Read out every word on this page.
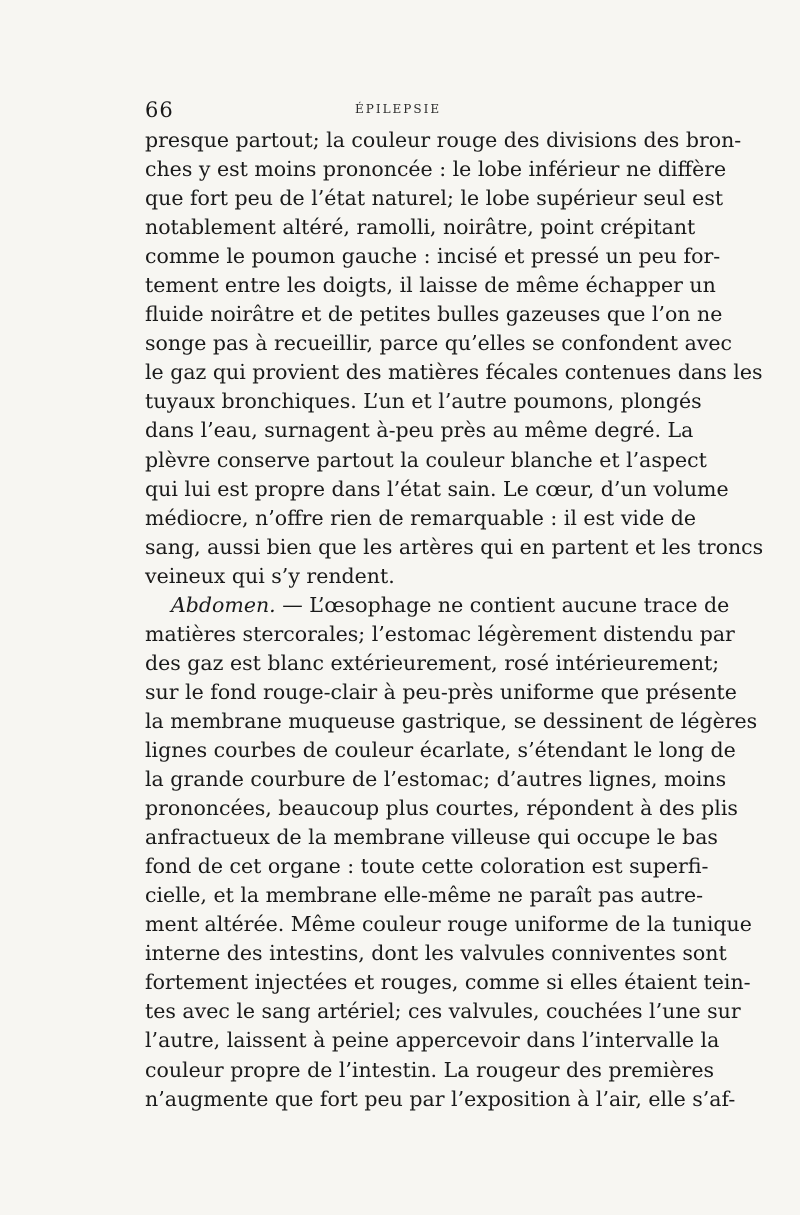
66	ÉPILEPSIE
presque partout; la couleur rouge des divisions des bron-
ches y est moins prononcée : le lobe inférieur ne diffère
que fort peu de l’état naturel; le lobe supérieur seul est
notablement altéré, ramolli, noirâtre, point crépitant
comme le poumon gauche : incisé et pressé un peu for-
tement entre les doigts, il laisse de même échapper un
fluide noirâtre et de petites bulles gazeuses que l’on ne
songe pas à recueillir, parce qu’elles se confondent avec
le gaz qui provient des matières fécales contenues dans les
tuyaux bronchiques. L’un et l’autre poumons, plongés
dans l’eau, surnagent à-peu près au même degré. La
plèvre conserve partout la couleur blanche et l’aspect
qui lui est propre dans l’état sain. Le cœur, d’un volume
médiocre, n’offre rien de remarquable : il est vide de
sang, aussi bien que les artères qui en partent et les troncs
veineux qui s’y rendent.
Abdomen. — L’œsophage ne contient aucune trace de
matières stercorales; l’estomac légèrement distendu par
des gaz est blanc extérieurement, rosé intérieurement;
sur le fond rouge-clair à peu-près uniforme que présente
la membrane muqueuse gastrique, se dessinent de légères
lignes courbes de couleur écarlate, s’étendant le long de
la grande courbure de l’estomac; d’autres lignes, moins
prononcées, beaucoup plus courtes, répondent à des plis
anfractueux de la membrane villeuse qui occupe le bas
fond de cet organe : toute cette coloration est superfi-
cielle, et la membrane elle-même ne paraît pas autre-
ment altérée. Même couleur rouge uniforme de la tunique
interne des intestins, dont les valvules conniventes sont
fortement injectées et rouges, comme si elles étaient tein-
tes avec le sang artériel; ces valvules, couchées l’une sur
l’autre, laissent à peine appercevoir dans l’intervalle la
couleur propre de l’intestin. La rougeur des premières
n’augmente que fort peu par l’exposition à l’air, elle s’af-
